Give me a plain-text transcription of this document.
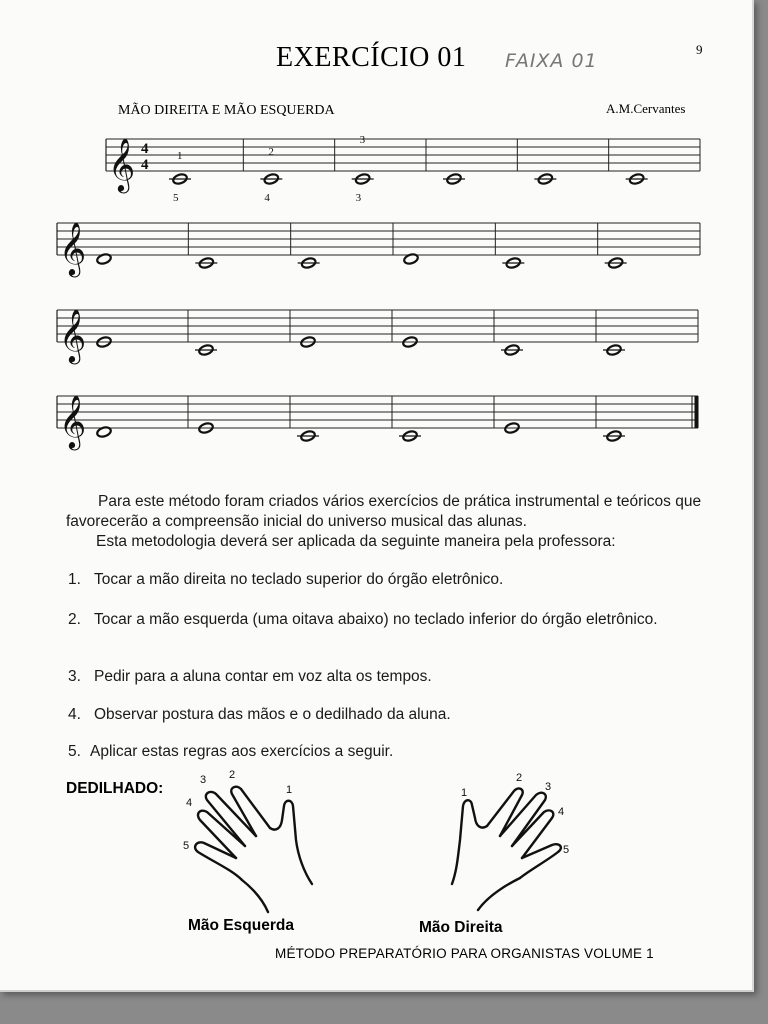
9
EXERCÍCIO 01 FAIXA 01
MÃO DIREITA E MÃO ESQUERDA	A.M.Cervantes
𝄞 4
4
1
5
2
4
3
3
𝄞
𝄞
𝄞

Para este método foram criados vários exercícios de prática instrumental e teóricos que favorecerão a compreensão inicial do universo musical das alunas.

Esta metodologia deverá ser aplicada da seguinte maneira pela professora:

1. Tocar a mão direita no teclado superior do órgão eletrônico.
2. Tocar a mão esquerda (uma oitava abaixo) no teclado inferior do órgão eletrônico.
3. Pedir para a aluna contar em voz alta os tempos.
4. Observar postura das mãos e o dedilhado da aluna.
5. Aplicar estas regras aos exercícios a seguir.
DEDILHADO:	1
2
3
4
5
1
2
3
4
5
Mão Esquerda	Mão Direita
MÉTODO PREPARATÓRIO PARA ORGANISTAS VOLUME 1
